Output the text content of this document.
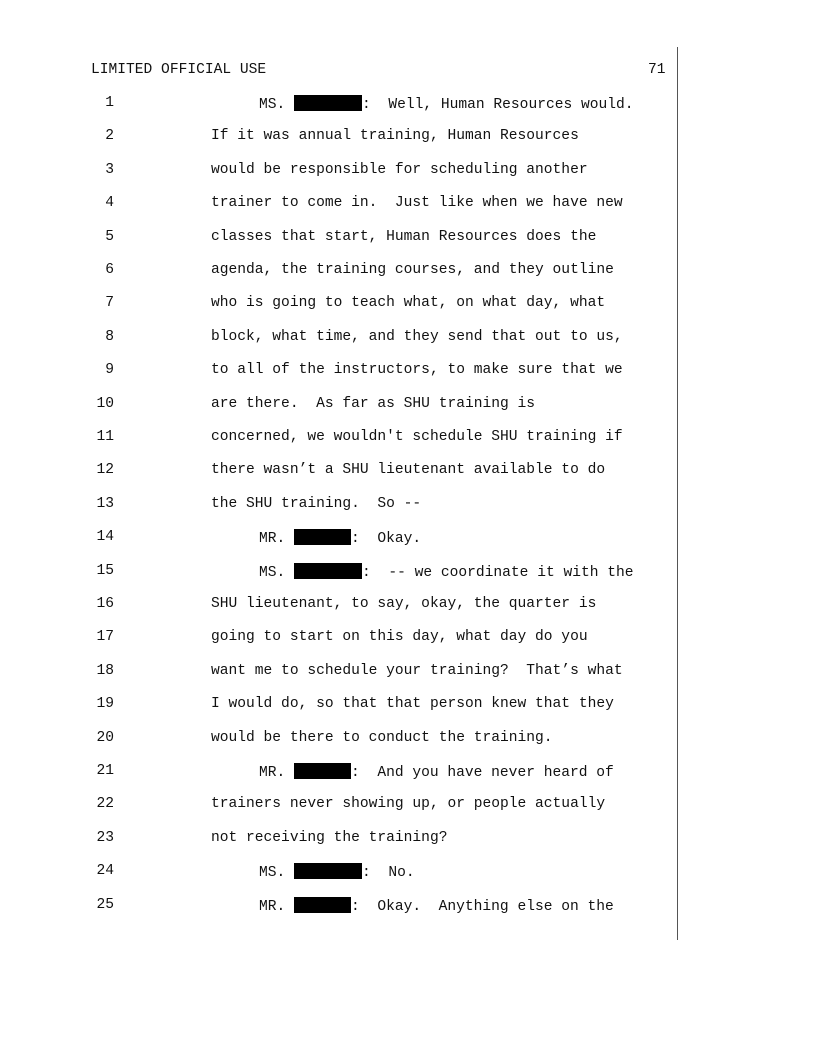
LIMITED OFFICIAL USE	71
1	MS.	:  Well, Human Resources would.
2	If it was annual training, Human Resources
3	would be responsible for scheduling another
4	trainer to come in.  Just like when we have new
5	classes that start, Human Resources does the
6	agenda, the training courses, and they outline
7	who is going to teach what, on what day, what
8	block, what time, and they send that out to us,
9	to all of the instructors, to make sure that we
10	are there.  As far as SHU training is
11	concerned, we wouldn't schedule SHU training if
12	there wasn’t a SHU lieutenant available to do
13	the SHU training.  So --
14	MR.	:  Okay.
15	MS.	:  -- we coordinate it with the
16	SHU lieutenant, to say, okay, the quarter is
17	going to start on this day, what day do you
18	want me to schedule your training?  That’s what
19	I would do, so that that person knew that they
20	would be there to conduct the training.
21	MR.	:  And you have never heard of
22	trainers never showing up, or people actually
23	not receiving the training?
24	MS.	:  No.
25	MR.	:  Okay.  Anything else on the
